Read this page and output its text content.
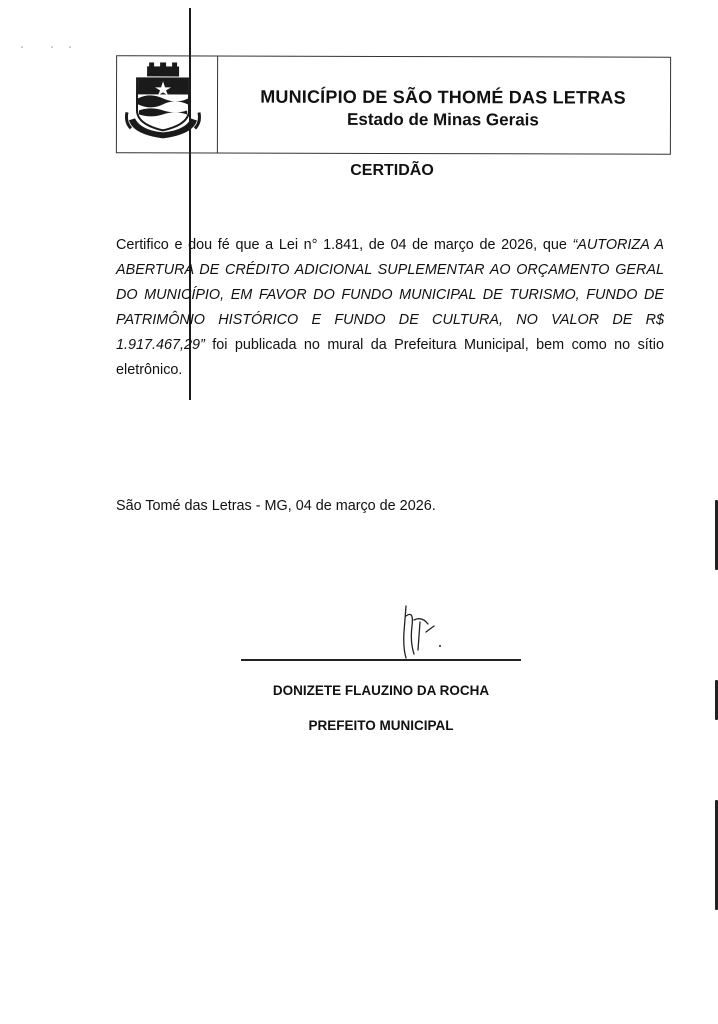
MUNICÍPIO DE SÃO THOMÉ DAS LETRAS
Estado de Minas Gerais
CERTIDÃO
Certifico e dou fé que a Lei n° 1.841, de 04 de março de 2026, que “AUTORIZA A ABERTURA DE CRÉDITO ADICIONAL SUPLEMENTAR AO ORÇAMENTO GERAL DO MUNICÍPIO, EM FAVOR DO FUNDO MUNICIPAL DE TURISMO, FUNDO DE PATRIMÔNIO HISTÓRICO E FUNDO DE CULTURA, NO VALOR DE R$ 1.917.467,29” foi publicada no mural da Prefeitura Municipal, bem como no sítio eletrônico.
São Tomé das Letras - MG, 04 de março de 2026.
DONIZETE FLAUZINO DA ROCHA
PREFEITO MUNICIPAL
